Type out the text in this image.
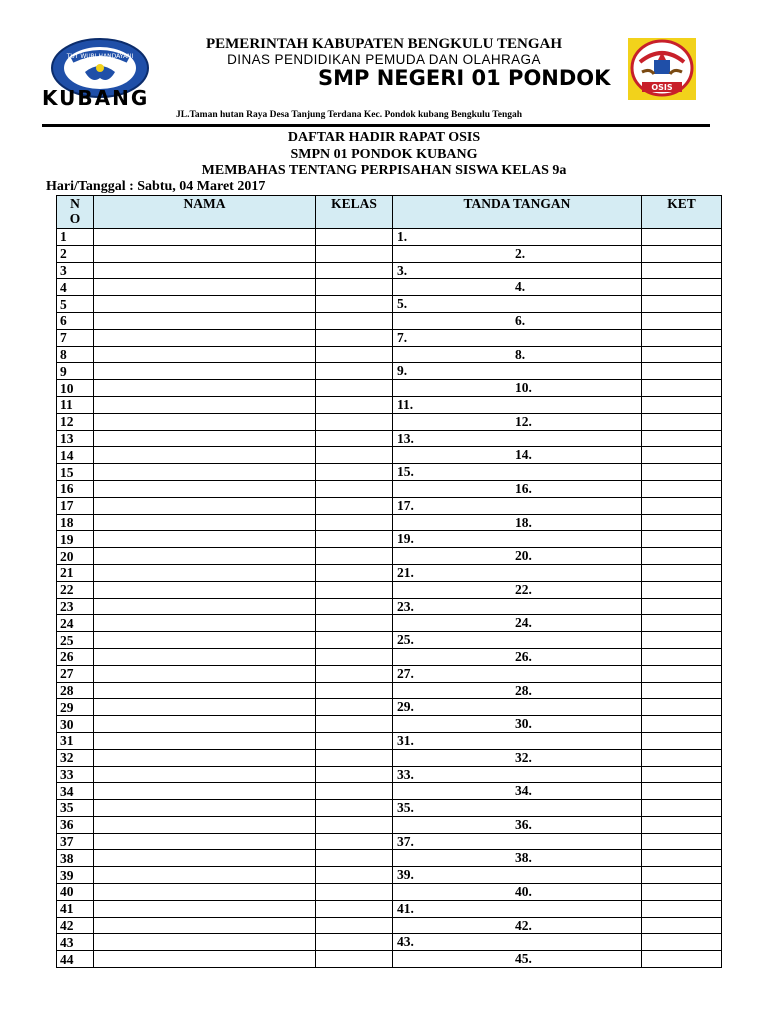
TUT WURI HANDAYANI
PEMERINTAH KABUPATEN BENGKULU TENGAH
DINAS PENDIDIKAN PEMUDA DAN OLAHRAGA
SMP NEGERI 01 PONDOK
KUBANG	OSIS
JL.Taman hutan Raya Desa Tanjung Terdana Kec. Pondok kubang Bengkulu Tengah
DAFTAR HADIR RAPAT OSIS
SMPN 01 PONDOK KUBANG
MEMBAHAS TENTANG PERPISAHAN SISWA KELAS 9a
Hari/Tanggal : Sabtu, 04 Maret 2017
N
O	NAMA	KELAS	TANDA TANGAN	KET
1			1.	

2			2.	

3			3.	

4			4.	

5			5.	

6			6.	

7			7.	

8			8.	

9			9.	

10			10.	

11			11.	

12			12.	

13			13.	

14			14.	

15			15.	

16			16.	

17			17.	

18			18.	

19			19.	

20			20.	

21			21.	

22			22.	

23			23.	

24			24.	

25			25.	

26			26.	

27			27.	

28			28.	

29			29.	

30			30.	

31			31.	

32			32.	

33			33.	

34			34.	

35			35.	

36			36.	

37			37.	

38			38.	

39			39.	

40			40.	

41			41.	

42			42.	

43			43.	

44			45.	
